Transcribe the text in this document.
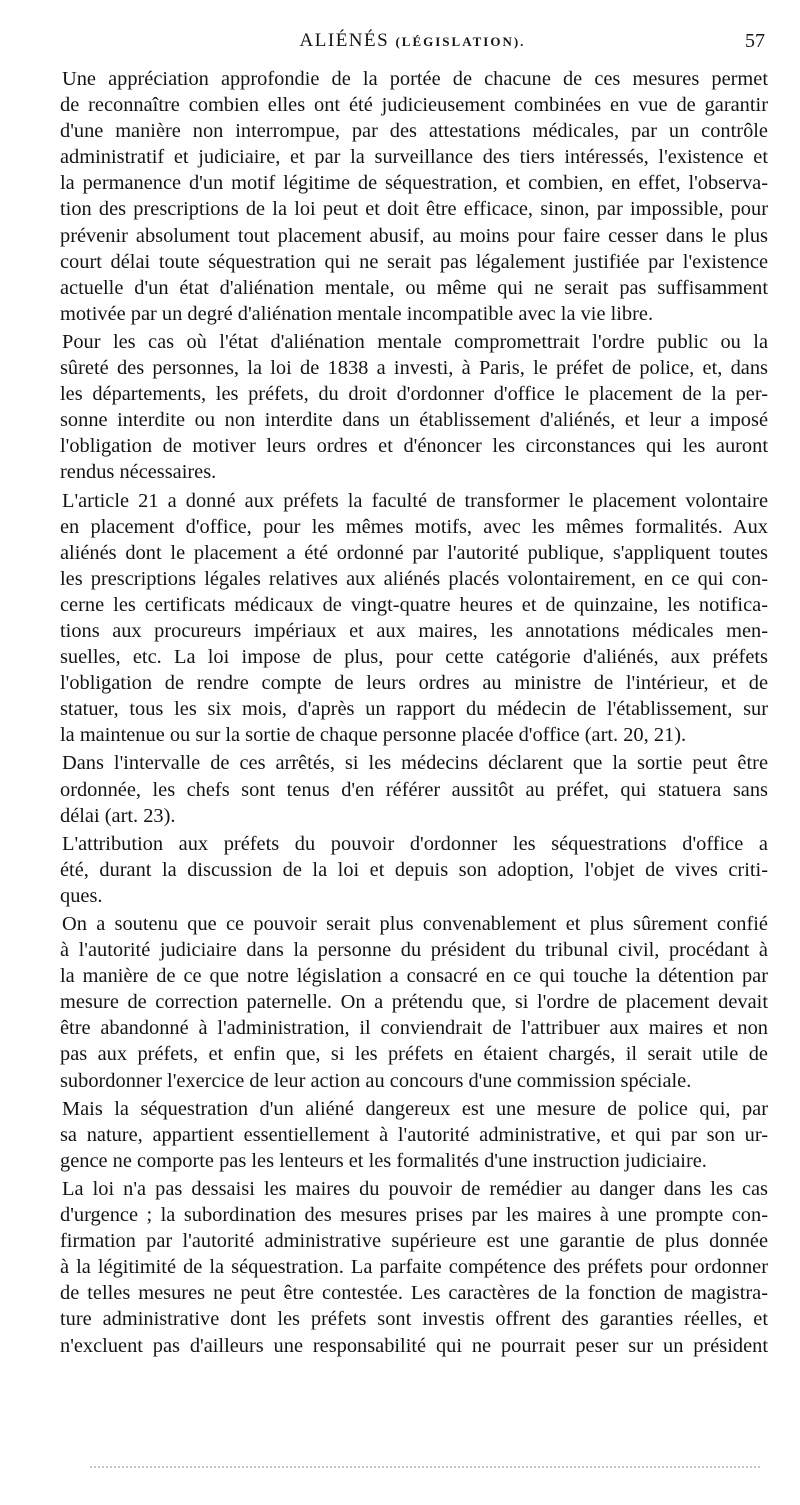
ALIÉNÉS (LÉGISLATION).	57
Une appréciation approfondie de la portée de chacune de ces mesures permet
de reconnaître combien elles ont été judicieusement combinées en vue de garantir
d'une manière non interrompue, par des attestations médicales, par un contrôle
administratif et judiciaire, et par la surveillance des tiers intéressés, l'existence et
la permanence d'un motif légitime de séquestration, et combien, en effet, l'observa-
tion des prescriptions de la loi peut et doit être efficace, sinon, par impossible, pour
prévenir absolument tout placement abusif, au moins pour faire cesser dans le plus
court délai toute séquestration qui ne serait pas légalement justifiée par l'existence
actuelle d'un état d'aliénation mentale, ou même qui ne serait pas suffisamment
motivée par un degré d'aliénation mentale incompatible avec la vie libre.
Pour les cas où l'état d'aliénation mentale compromettrait l'ordre public ou la
sûreté des personnes, la loi de 1838 a investi, à Paris, le préfet de police, et, dans
les départements, les préfets, du droit d'ordonner d'office le placement de la per-
sonne interdite ou non interdite dans un établissement d'aliénés, et leur a imposé
l'obligation de motiver leurs ordres et d'énoncer les circonstances qui les auront
rendus nécessaires.
L'article 21 a donné aux préfets la faculté de transformer le placement volontaire
en placement d'office, pour les mêmes motifs, avec les mêmes formalités. Aux
aliénés dont le placement a été ordonné par l'autorité publique, s'appliquent toutes
les prescriptions légales relatives aux aliénés placés volontairement, en ce qui con-
cerne les certificats médicaux de vingt-quatre heures et de quinzaine, les notifica-
tions aux procureurs impériaux et aux maires, les annotations médicales men-
suelles, etc. La loi impose de plus, pour cette catégorie d'aliénés, aux préfets
l'obligation de rendre compte de leurs ordres au ministre de l'intérieur, et de
statuer, tous les six mois, d'après un rapport du médecin de l'établissement, sur
la maintenue ou sur la sortie de chaque personne placée d'office (art. 20, 21).
Dans l'intervalle de ces arrêtés, si les médecins déclarent que la sortie peut être
ordonnée, les chefs sont tenus d'en référer aussitôt au préfet, qui statuera sans
délai (art. 23).
L'attribution aux préfets du pouvoir d'ordonner les séquestrations d'office a
été, durant la discussion de la loi et depuis son adoption, l'objet de vives criti-
ques.
On a soutenu que ce pouvoir serait plus convenablement et plus sûrement confié
à l'autorité judiciaire dans la personne du président du tribunal civil, procédant à
la manière de ce que notre législation a consacré en ce qui touche la détention par
mesure de correction paternelle. On a prétendu que, si l'ordre de placement devait
être abandonné à l'administration, il conviendrait de l'attribuer aux maires et non
pas aux préfets, et enfin que, si les préfets en étaient chargés, il serait utile de
subordonner l'exercice de leur action au concours d'une commission spéciale.
Mais la séquestration d'un aliéné dangereux est une mesure de police qui, par
sa nature, appartient essentiellement à l'autorité administrative, et qui par son ur-
gence ne comporte pas les lenteurs et les formalités d'une instruction judiciaire.
La loi n'a pas dessaisi les maires du pouvoir de remédier au danger dans les cas
d'urgence ; la subordination des mesures prises par les maires à une prompte con-
firmation par l'autorité administrative supérieure est une garantie de plus donnée
à la légitimité de la séquestration. La parfaite compétence des préfets pour ordonner
de telles mesures ne peut être contestée. Les caractères de la fonction de magistra-
ture administrative dont les préfets sont investis offrent des garanties réelles, et
n'excluent pas d'ailleurs une responsabilité qui ne pourrait peser sur un président
